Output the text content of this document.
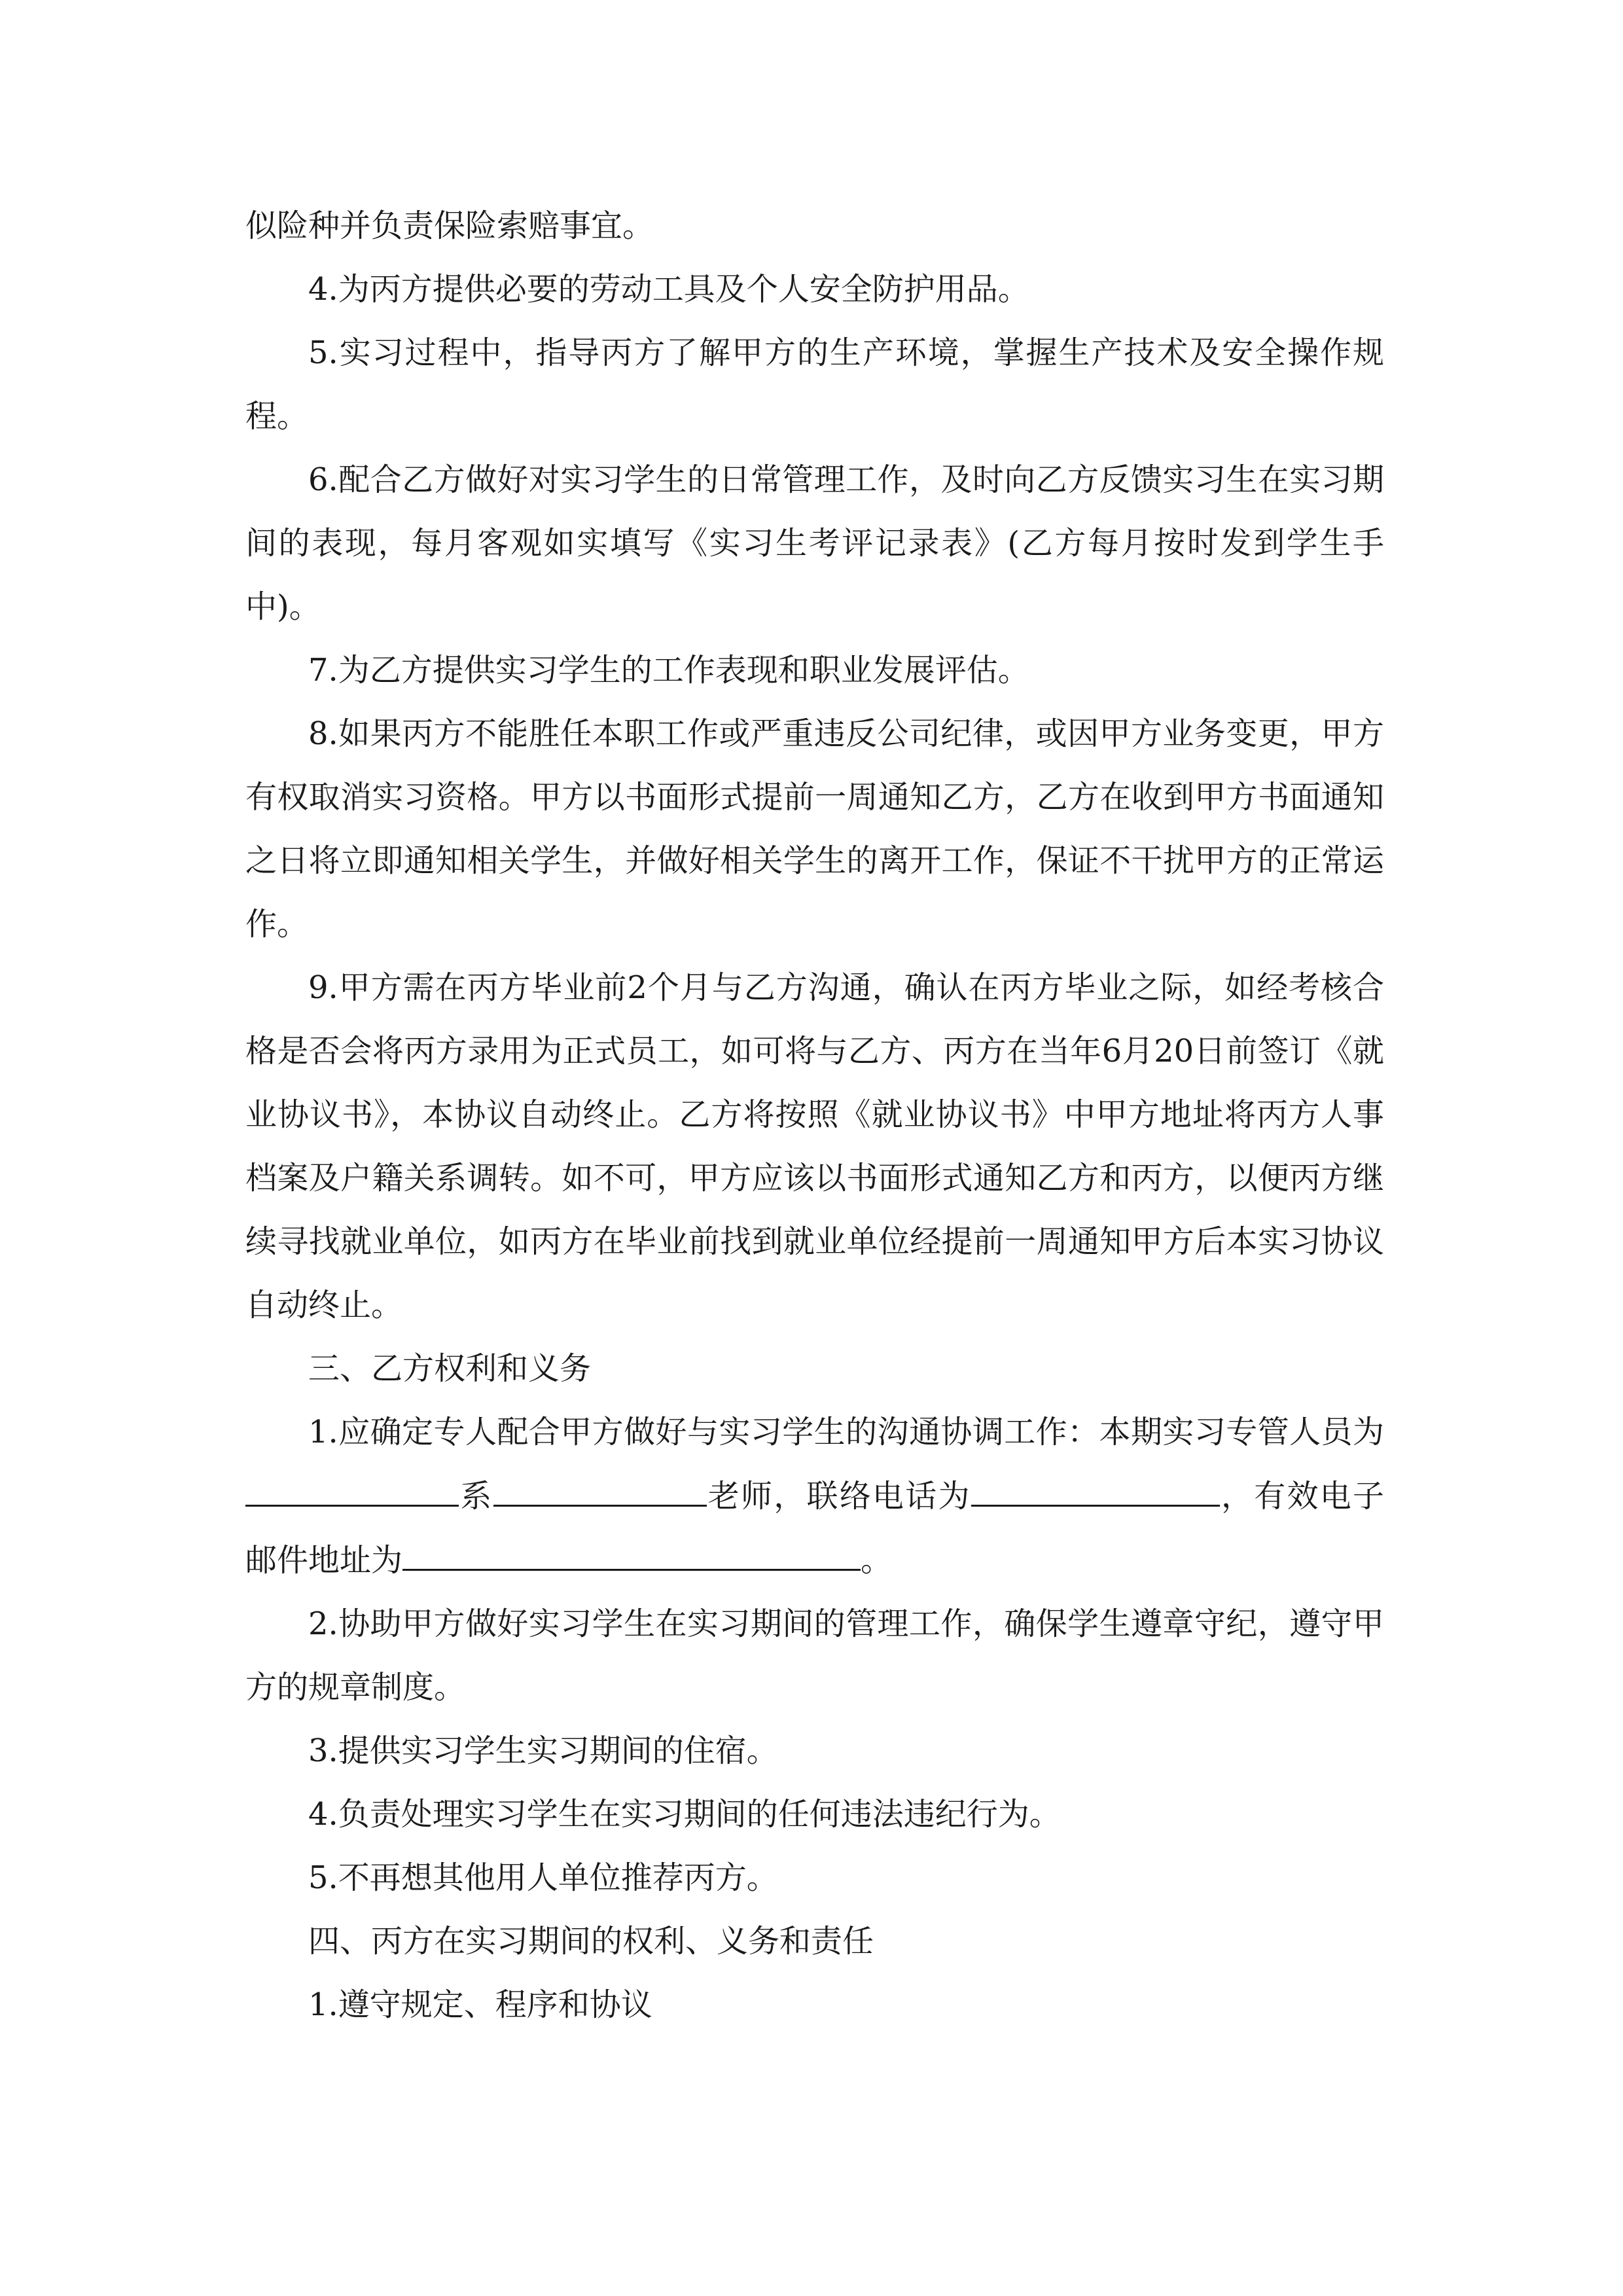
似险种并负责保险索赔事宜。

4.为丙方提供必要的劳动工具及个人安全防护用品。

5.实习过程中，指导丙方了解甲方的生产环境，掌握生产技术及安全操作规程。

6.配合乙方做好对实习学生的日常管理工作，及时向乙方反馈实习生在实习期间的表现，每月客观如实填写《实习生考评记录表》(乙方每月按时发到学生手中)。

7.为乙方提供实习学生的工作表现和职业发展评估。

8.如果丙方不能胜任本职工作或严重违反公司纪律，或因甲方业务变更，甲方有权取消实习资格。甲方以书面形式提前一周通知乙方，乙方在收到甲方书面通知之日将立即通知相关学生，并做好相关学生的离开工作，保证不干扰甲方的正常运作。

9.甲方需在丙方毕业前2个月与乙方沟通，确认在丙方毕业之际，如经考核合格是否会将丙方录用为正式员工，如可将与乙方、丙方在当年6月20日前签订《就业协议书》，本协议自动终止。乙方将按照《就业协议书》中甲方地址将丙方人事档案及户籍关系调转。如不可，甲方应该以书面形式通知乙方和丙方，以便丙方继续寻找就业单位，如丙方在毕业前找到就业单位经提前一周通知甲方后本实习协议自动终止。

三、乙方权利和义务

1.应确定专人配合甲方做好与实习学生的沟通协调工作：本期实习专管人员为系	老师，联络电话为	，有效电子邮件地址为	。

2.协助甲方做好实习学生在实习期间的管理工作，确保学生遵章守纪，遵守甲方的规章制度。

3.提供实习学生实习期间的住宿。

4.负责处理实习学生在实习期间的任何违法违纪行为。

5.不再想其他用人单位推荐丙方。

四、丙方在实习期间的权利、义务和责任

1.遵守规定、程序和协议
